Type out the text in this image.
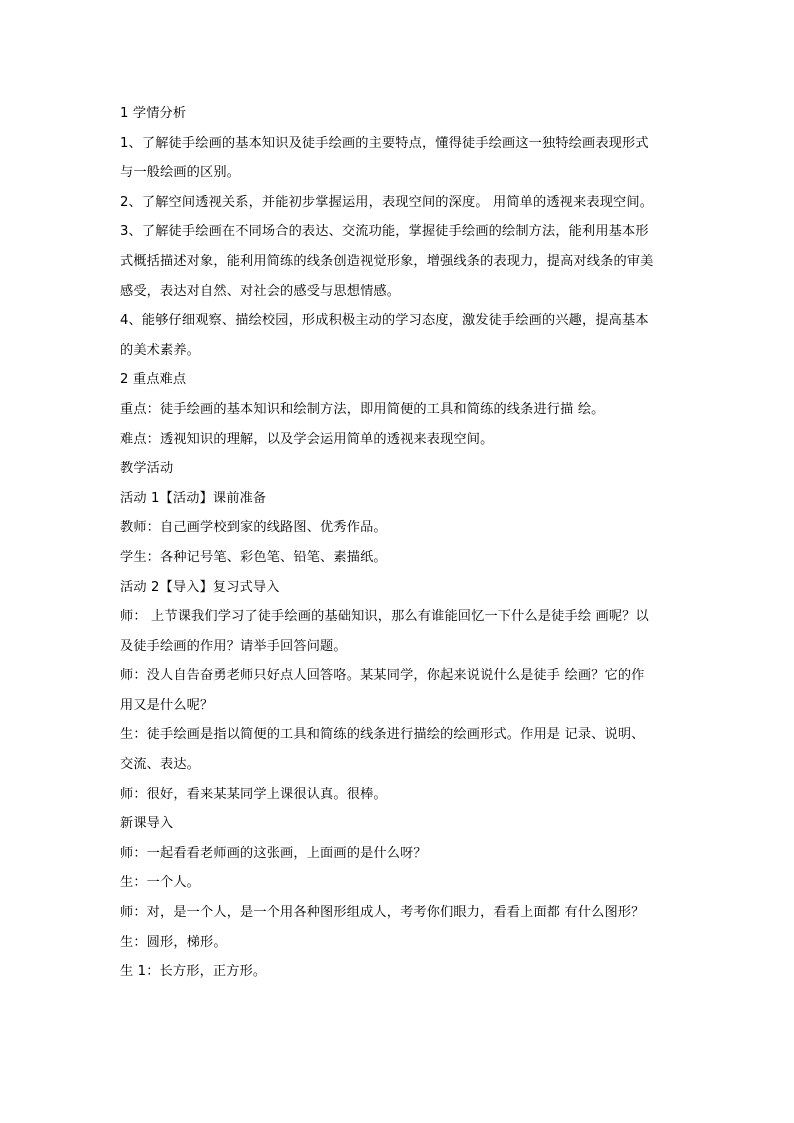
1 学情分析
1、了解徒手绘画的基本知识及徒手绘画的主要特点，懂得徒手绘画这一独特绘画表现形式
与一般绘画的区别。
2、了解空间透视关系，并能初步掌握运用，表现空间的深度。 用简单的透视来表现空间。
3、了解徒手绘画在不同场合的表达、交流功能，掌握徒手绘画的绘制方法，能利用基本形
式概括描述对象，能利用简练的线条创造视觉形象，增强线条的表现力，提高对线条的审美
感受，表达对自然、对社会的感受与思想情感。
4、能够仔细观察、描绘校园，形成积极主动的学习态度，激发徒手绘画的兴趣，提高基本
的美术素养。
2 重点难点
重点：徒手绘画的基本知识和绘制方法，即用简便的工具和简练的线条进行描 绘。
难点：透视知识的理解，以及学会运用简单的透视来表现空间。
教学活动
活动 1【活动】课前准备
教师：自己画学校到家的线路图、优秀作品。
学生：各种记号笔、彩色笔、铅笔、素描纸。
活动 2【导入】复习式导入
师： 上节课我们学习了徒手绘画的基础知识，那么有谁能回忆一下什么是徒手绘 画呢？以
及徒手绘画的作用？请举手回答问题。
师：没人自告奋勇老师只好点人回答咯。某某同学，你起来说说什么是徒手 绘画？它的作
用又是什么呢？
生：徒手绘画是指以简便的工具和简练的线条进行描绘的绘画形式。作用是 记录、说明、
交流、表达。
师：很好，看来某某同学上课很认真。很棒。
新课导入
师：一起看看老师画的这张画，上面画的是什么呀？
生：一个人。
师：对，是一个人，是一个用各种图形组成人，考考你们眼力，看看上面都 有什么图形？
生：圆形，梯形。
生 1：长方形，正方形。
